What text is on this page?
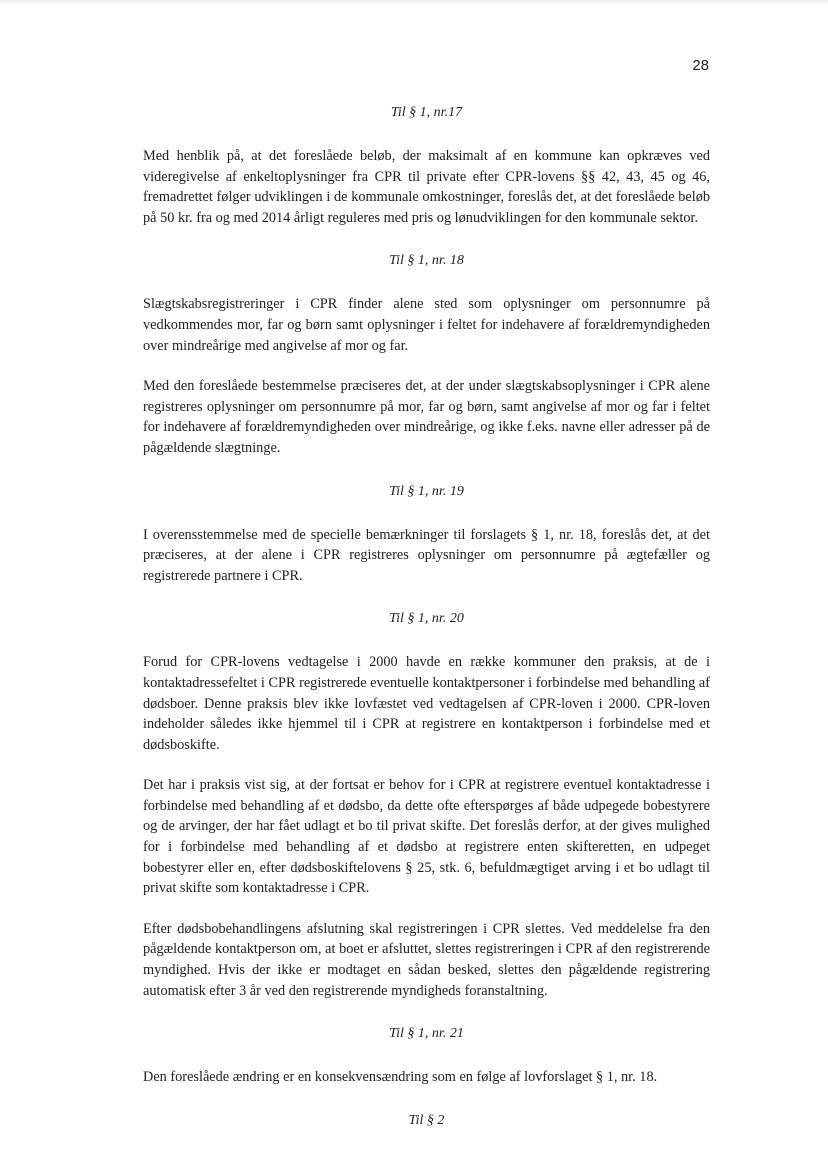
28

Til § 1, nr.17

Med henblik på, at det foreslåede beløb, der maksimalt af en kommune kan opkræves ved videregivelse af enkeltoplysninger fra CPR til private efter CPR-lovens §§ 42, 43, 45 og 46, fremadrettet følger udviklingen i de kommunale omkostninger, foreslås det, at det foreslåede beløb på 50 kr. fra og med 2014 årligt reguleres med pris og lønudviklingen for den kommunale sektor.

Til § 1, nr. 18

Slægtskabsregistreringer i CPR finder alene sted som oplysninger om personnumre på vedkommendes mor, far og børn samt oplysninger i feltet for indehavere af forældremyndigheden over mindreårige med angivelse af mor og far.

Med den foreslåede bestemmelse præciseres det, at der under slægtskabsoplysninger i CPR alene registreres oplysninger om personnumre på mor, far og børn, samt angivelse af mor og far i feltet for indehavere af forældremyndigheden over mindreårige, og ikke f.eks. navne eller adresser på de pågældende slægtninge.

Til § 1, nr. 19

I overensstemmelse med de specielle bemærkninger til forslagets § 1, nr. 18, foreslås det, at det præciseres, at der alene i CPR registreres oplysninger om personnumre på ægtefæller og registrerede partnere i CPR.

Til § 1, nr. 20

Forud for CPR-lovens vedtagelse i 2000 havde en række kommuner den praksis, at de i kontaktadressefeltet i CPR registrerede eventuelle kontaktpersoner i forbindelse med behandling af dødsboer. Denne praksis blev ikke lovfæstet ved vedtagelsen af CPR-loven i 2000. CPR-loven indeholder således ikke hjemmel til i CPR at registrere en kontaktperson i forbindelse med et dødsboskifte.

Det har i praksis vist sig, at der fortsat er behov for i CPR at registrere eventuel kontaktadresse i forbindelse med behandling af et dødsbo, da dette ofte efterspørges af både udpegede bobestyrere og de arvinger, der har fået udlagt et bo til privat skifte. Det foreslås derfor, at der gives mulighed for i forbindelse med behandling af et dødsbo at registrere enten skifteretten, en udpeget bobestyrer eller en, efter dødsboskiftelovens § 25, stk. 6, befuldmægtiget arving i et bo udlagt til privat skifte som kontaktadresse i CPR.

Efter dødsbobehandlingens afslutning skal registreringen i CPR slettes. Ved meddelelse fra den pågældende kontaktperson om, at boet er afsluttet, slettes registreringen i CPR af den registrerende myndighed. Hvis der ikke er modtaget en sådan besked, slettes den pågældende registrering automatisk efter 3 år ved den registrerende myndigheds foranstaltning.

Til § 1, nr. 21

Den foreslåede ændring er en konsekvensændring som en følge af lovforslaget § 1, nr. 18.

Til § 2
